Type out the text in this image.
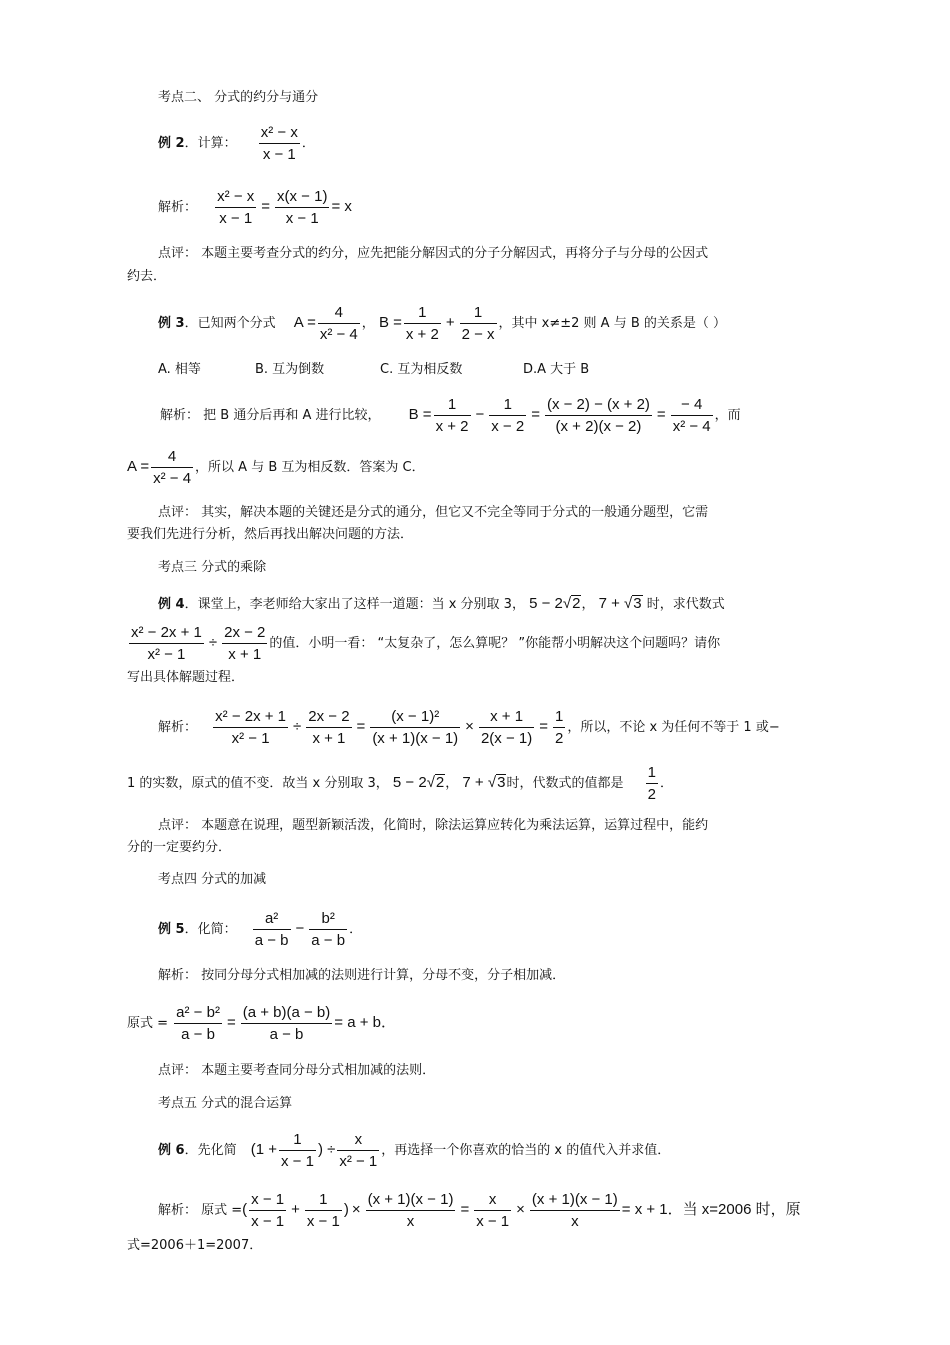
考点二、 分式的约分与通分
例 2．计算： $\frac{\text{x² − x}}{x - 1}$ ．
解析： $\frac{\text{x² − x}}{x - 1} = \frac{x(x - 1)}{x - 1} = x$
点评： 本题主要考查分式的约分，应先把能分解因式的分子分解因式，再将分子与分母的公因式
约去．
例 3．已知两个分式 $A = \frac{4}{\text{x² − 4}}$ ， $B = \frac{1}{x + 2} + \frac{1}{2 - x}$ ，其中 x≠±2 则 A 与 B 的关系是（ ）
A. 相等	B. 互为倒数	C. 互为相反数	D.A 大于 B
解析： 把 B 通分后再和 A 进行比较， $B = \frac{1}{x + 2} - \frac{1}{x - 2} = \frac{(x - 2) - (x + 2)}{(x + 2)(x - 2)} = \frac{- 4}{\text{x² − 4}}$ ，而
$A = \frac{4}{\text{x² − 4}}$ ，所以 A 与 B 互为相反数．答案为 C．
点评： 其实，解决本题的关键还是分式的通分，但它又不完全等同于分式的一般通分题型，它需
要我们先进行分析，然后再找出解决问题的方法．
考点三 分式的乘除
例 4．课堂上，李老师给大家出了这样一道题：当 x 分别取 3， 5 − 2√2， 7 + √3 时，求代数式
$\frac{\text{x² − 2x + 1}}{\text{x² − 1}} \div \frac{2x - 2}{x + 1}$ 的值．小明一看： “太复杂了，怎么算呢？ ”你能帮小明解决这个问题吗？请你
写出具体解题过程．
解析： $\frac{\text{x² − 2x + 1}}{\text{x² − 1}} \div \frac{2x - 2}{x + 1} = \frac{\text{(x − 1)²}}{(x + 1)(x - 1)} \times \frac{x + 1}{2(x - 1)} = \frac{1}{2}$ ，所以，不论 x 为任何不等于 1 或−
1 的实数，原式的值不变．故当 x 分别取 3， 5 − 2√2， 7 + √3时，代数式的值都是 $\frac{1}{2}$ ．
点评： 本题意在说理，题型新颖活泼，化简时，除法运算应转化为乘法运算，运算过程中，能约
分的一定要约分．
考点四 分式的加减
例 5．化简： $\frac{\text{a²}}{a - b} - \frac{\text{b²}}{a - b}$ ．
解析： 按同分母分式相加减的法则进行计算，分母不变，分子相加减．
原式 = $\frac{\text{a² − b²}}{a - b} = \frac{(a + b)(a - b)}{a - b} = a + b$．
点评： 本题主要考查同分母分式相加减的法则．
考点五 分式的混合运算
例 6．先化简 ($1 + \frac{1}{x - 1}$ ) ÷ $\frac{x}{\text{x² − 1}}$ ，再选择一个你喜欢的恰当的 x 的值代入并求值．
解析： 原式 =( $\frac{x - 1}{x - 1} + \frac{1}{x - 1}$ ) × $\frac{(x + 1)(x - 1)}{x} = \frac{x}{x - 1} \times \frac{(x + 1)(x - 1)}{x} = x + 1$．当 x=2006 时，原
式=2006＋1=2007．
